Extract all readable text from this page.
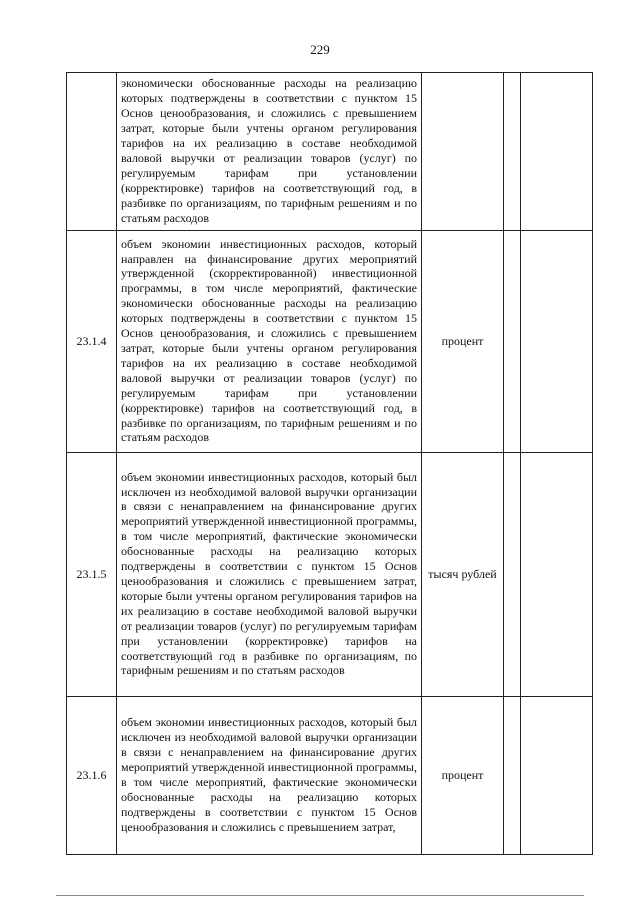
229
	экономически обоснованные расходы на реализацию которых подтверждены в соответствии с пунктом 15 Основ ценообразования, и сложились с превышением затрат, которые были учтены органом регулирования тарифов на их реализацию в составе необходимой валовой выручки от реализации товаров (услуг) по регулируемым тарифам при установлении (корректировке) тарифов на соответствующий год, в разбивке по организациям, по тарифным решениям и по статьям расходов		
23.1.4	объем экономии инвестиционных расходов, который направлен на финансирование других мероприятий утвержденной (скорректированной) инвестиционной программы, в том числе мероприятий, фактические экономически обоснованные расходы на реализацию которых подтверждены в соответствии с пунктом 15 Основ ценообразования, и сложились с превышением затрат, которые были учтены органом регулирования тарифов на их реализацию в составе необходимой валовой выручки от реализации товаров (услуг) по регулируемым тарифам при установлении (корректировке) тарифов на соответствующий год, в разбивке по организациям, по тарифным решениям и по статьям расходов	процент	
23.1.5	объем экономии инвестиционных расходов, который был исключен из необходимой валовой выручки организации в связи с ненаправлением на финансирование других мероприятий утвержденной инвестиционной программы, в том числе мероприятий, фактические экономически обоснованные расходы на реализацию которых подтверждены в соответствии с пунктом 15 Основ ценообразования и сложились с превышением затрат, которые были учтены органом регулирования тарифов на их реализацию в составе необходимой валовой выручки от реализации товаров (услуг) по регулируемым тарифам при установлении (корректировке) тарифов на соответствующий год в разбивке по организациям, по тарифным решениям и по статьям расходов	тысяч рублей	
23.1.6	объем экономии инвестиционных расходов, который был исключен из необходимой валовой выручки организации в связи с ненаправлением на финансирование других мероприятий утвержденной инвестиционной программы, в том числе мероприятий, фактические экономически обоснованные расходы на реализацию которых подтверждены в соответствии с пунктом 15 Основ ценообразования и сложились с превышением затрат,	процент	
